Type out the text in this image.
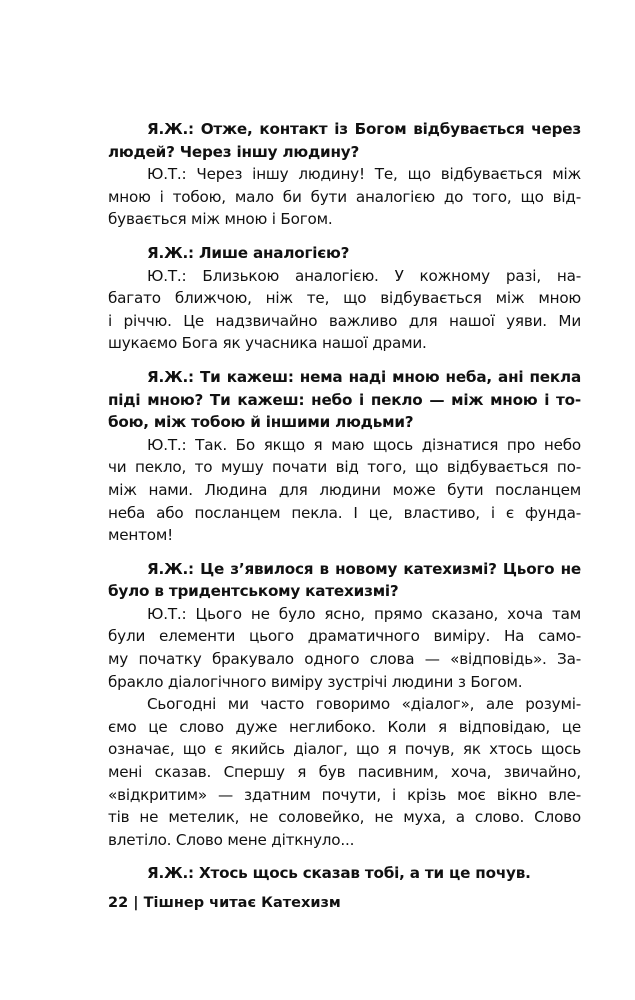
Я.Ж.: Отже, контакт із Богом відбувається через
людей? Через іншу людину?
Ю.Т.: Через іншу людину! Те, що відбувається між
мною і тобою, мало би бути аналогією до того, що від-
бувається між мною і Богом.
Я.Ж.: Лише аналогією?
Ю.Т.: Близькою аналогією. У кожному разі, на-
багато ближчою, ніж те, що відбувається між мною
і річчю. Це надзвичайно важливо для нашої уяви. Ми
шукаємо Бога як учасника нашої драми.
Я.Ж.: Ти кажеш: нема наді мною неба, ані пекла
піді мною? Ти кажеш: небо і пекло — між мною і то-
бою, між тобою й іншими людьми?
Ю.Т.: Так. Бо якщо я маю щось дізнатися про небо
чи пекло, то мушу почати від того, що відбувається по-
між нами. Людина для людини може бути посланцем
неба або посланцем пекла. І це, властиво, і є фунда-
ментом!
Я.Ж.: Це з’явилося в новому катехизмі? Цього не
було в тридентському катехизмі?
Ю.Т.: Цього не було ясно, прямо сказано, хоча там
були елементи цього драматичного виміру. На само-
му початку бракувало одного слова — «відповідь». За-
бракло діалогічного виміру зустрічі людини з Богом.
Сьогодні ми часто говоримо «діалог», але розумі-
ємо це слово дуже неглибоко. Коли я відповідаю, це
означає, що є якийсь діалог, що я почув, як хтось щось
мені сказав. Спершу я був пасивним, хоча, звичайно,
«відкритим» — здатним почути, і крізь моє вікно вле-
тів не метелик, не соловейко, не муха, а слово. Слово
влетіло. Слово мене діткнуло...
Я.Ж.: Хтось щось сказав тобі, а ти це почув.
22 | Тішнер читає Катехизм
